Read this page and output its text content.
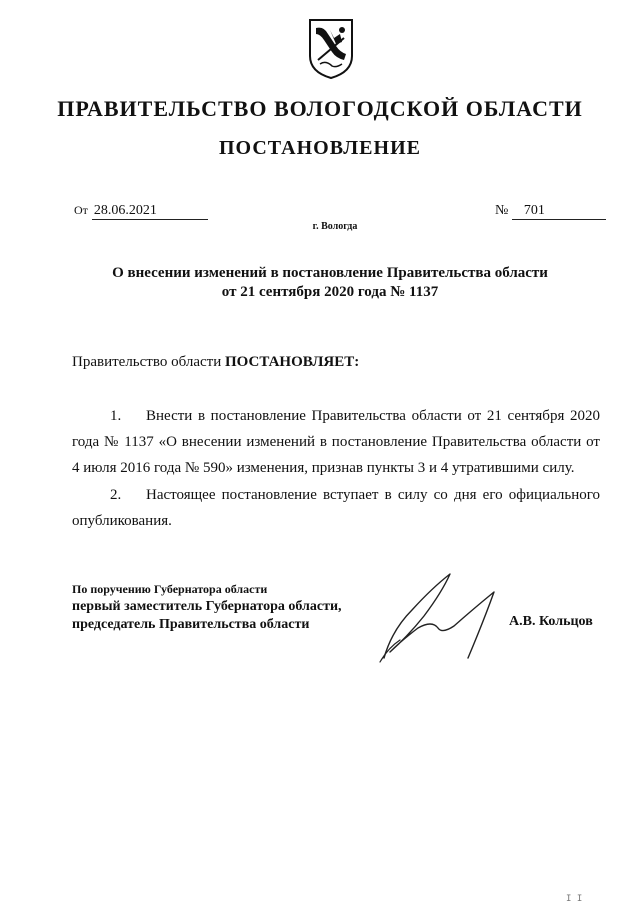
ПРАВИТЕЛЬСТВО ВОЛОГОДСКОЙ ОБЛАСТИ
ПОСТАНОВЛЕНИЕ
От 28.06.2021	№ 701
г. Вологда
О внесении изменений в постановление Правительства области
от 21 сентября 2020 года № 1137
Правительство области ПОСТАНОВЛЯЕТ:
1. Внести в постановление Правительства области от 21 сентября 2020
года № 1137 «О внесении изменений в постановление Правительства области от
4 июля 2016 года № 590» изменения, признав пункты 3 и 4 утратившими силу.
2. Настоящее постановление вступает в силу со дня его официального
опубликования.
По поручению Губернатора области
первый заместитель Губернатора области,
председатель Правительства области	А.В. Кольцов
I I
